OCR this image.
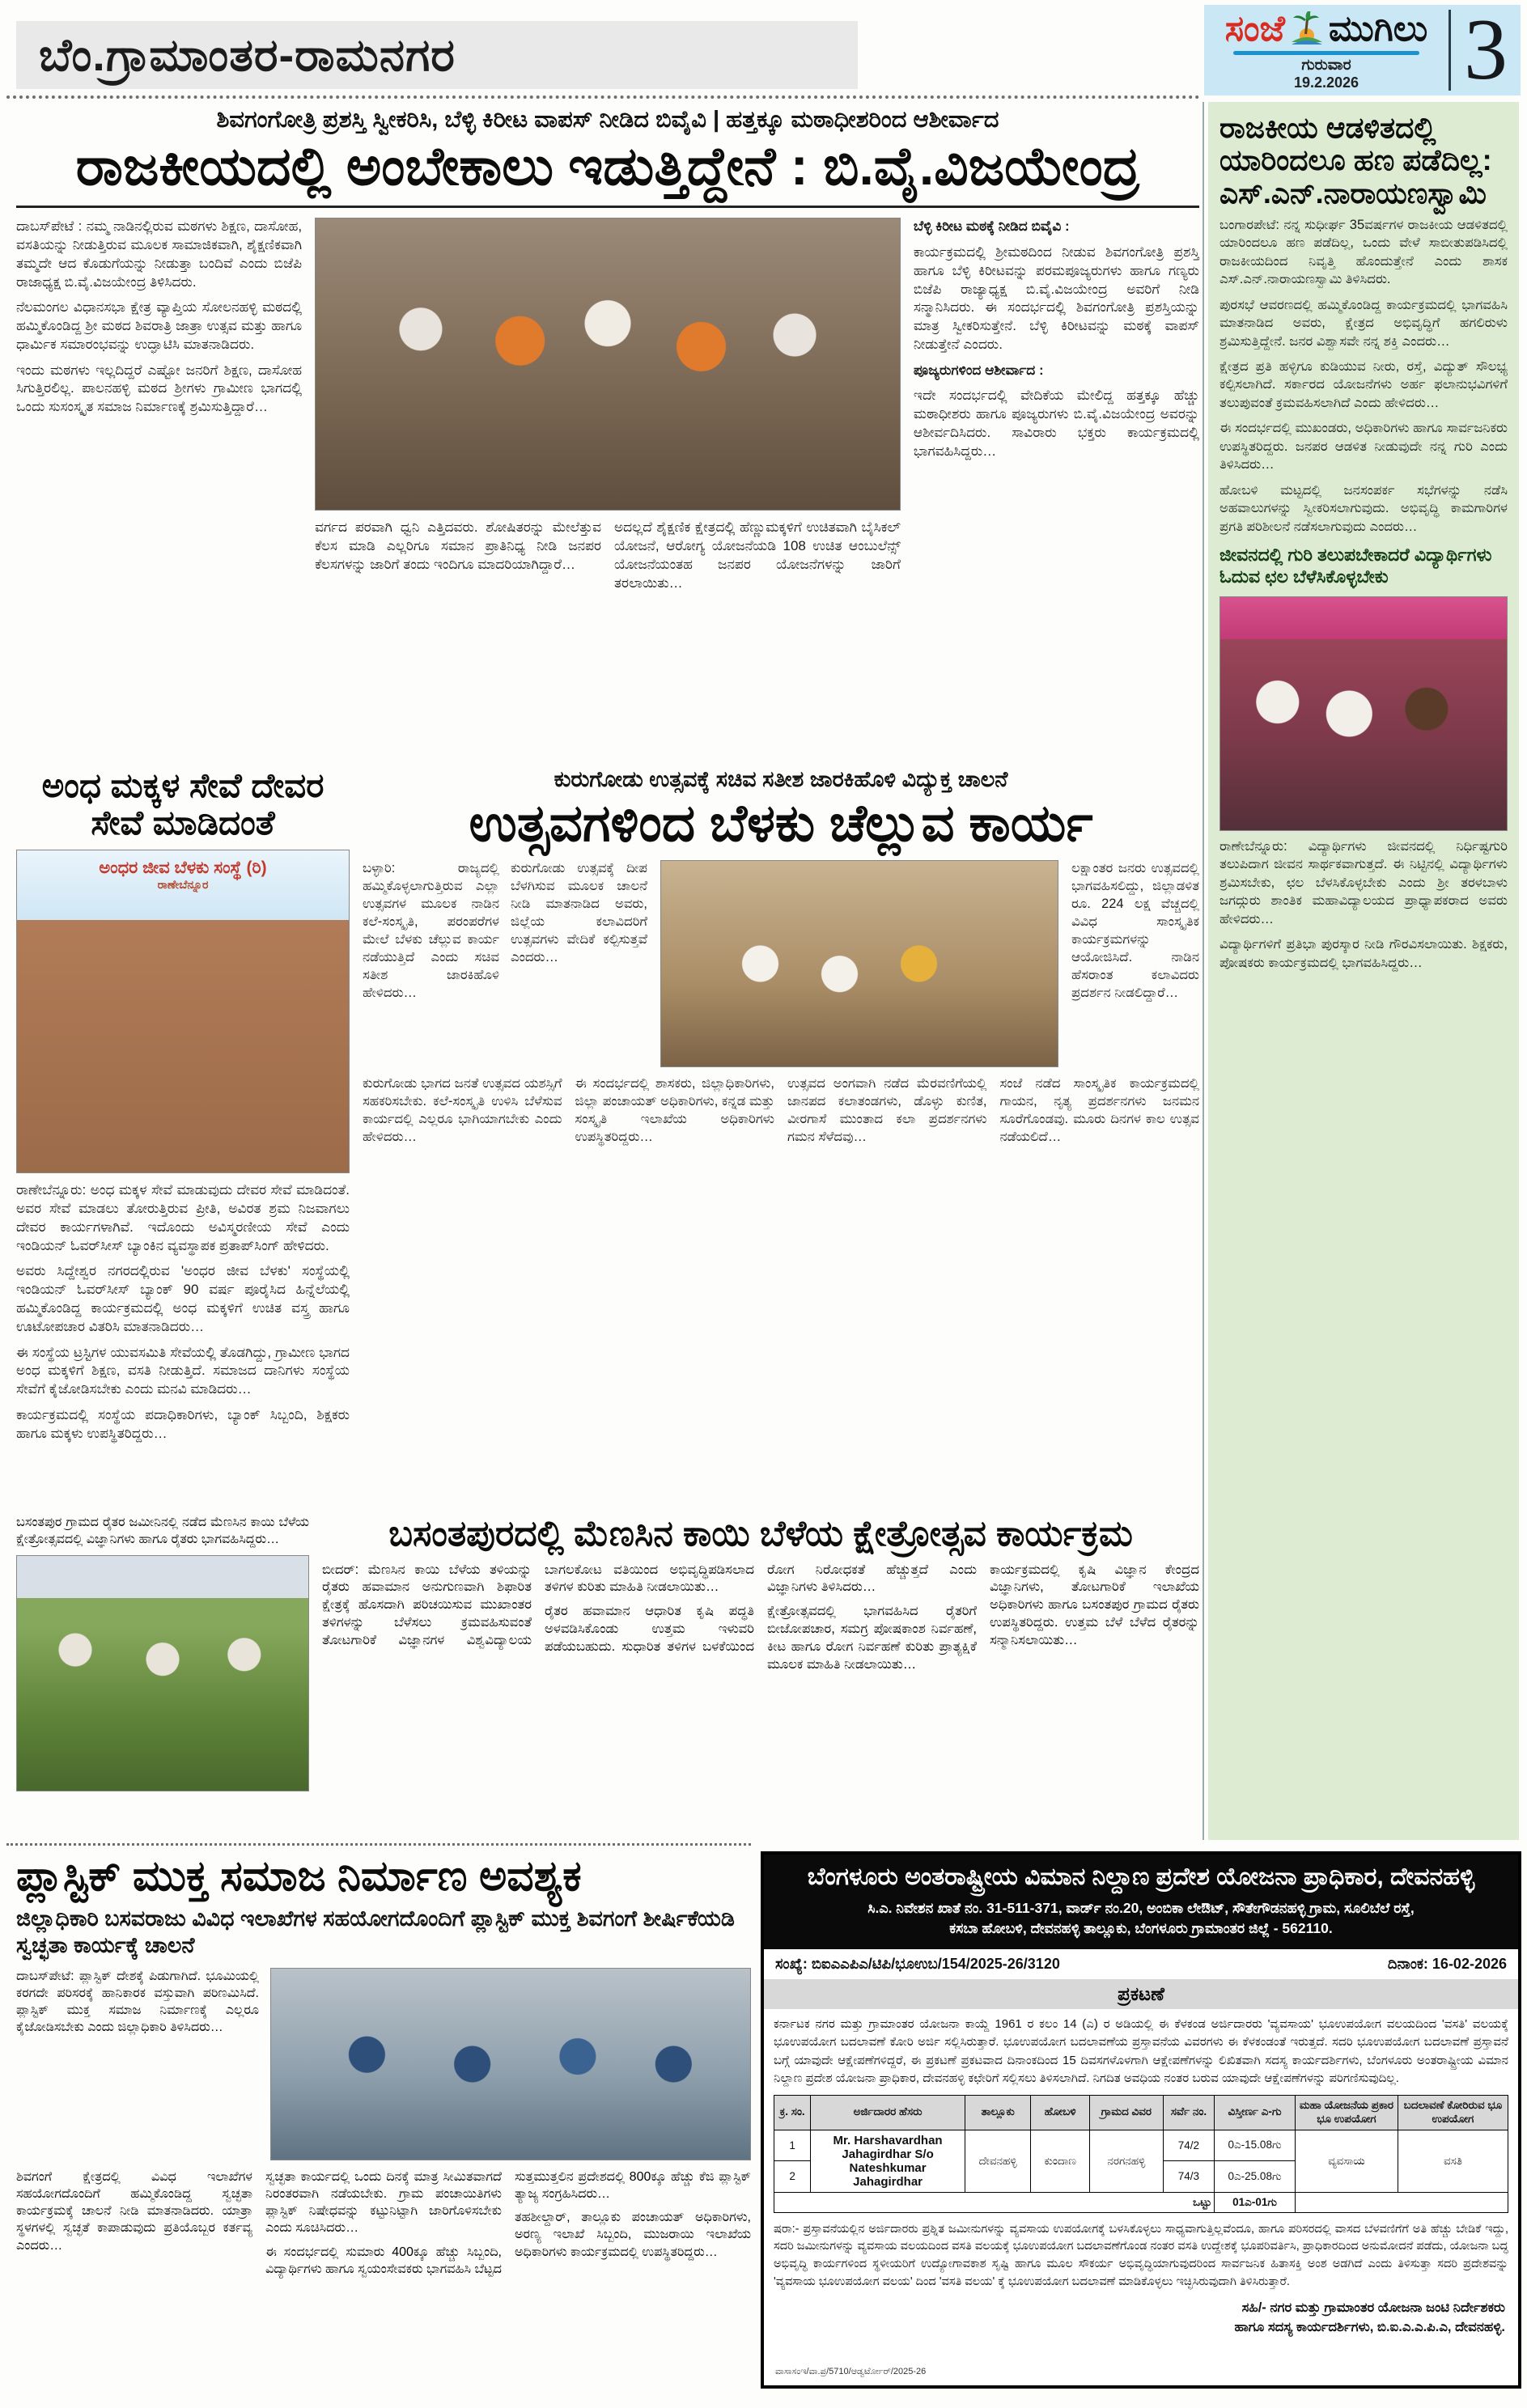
ಬೆಂ.ಗ್ರಾಮಾಂತರ-ರಾಮನಗರ	ಸಂಜೆ ಮುಗಿಲು
ಗುರುವಾರ
19.2.2026 3
ಶಿವಗಂಗೋತ್ರಿ ಪ್ರಶಸ್ತಿ ಸ್ವೀಕರಿಸಿ, ಬೆಳ್ಳಿ ಕಿರೀಟ ವಾಪಸ್ ನೀಡಿದ ಬಿವೈವಿ | ಹತ್ತಕ್ಕೂ ಮಠಾಧೀಶರಿಂದ ಆಶೀರ್ವಾದ
ರಾಜಕೀಯದಲ್ಲಿ ಅಂಬೇಕಾಲು ಇಡುತ್ತಿದ್ದೇನೆ : ಬಿ.ವೈ.ವಿಜಯೇಂದ್ರ

ದಾಬಸ್‌ಪೇಟೆ : ನಮ್ಮ ನಾಡಿನಲ್ಲಿರುವ ಮಠಗಳು ಶಿಕ್ಷಣ, ದಾಸೋಹ, ವಸತಿಯನ್ನು ನೀಡುತ್ತಿರುವ ಮೂಲಕ ಸಾಮಾಜಿಕವಾಗಿ, ಶೈಕ್ಷಣಿಕವಾಗಿ ತಮ್ಮದೇ ಆದ ಕೊಡುಗೆಯನ್ನು ನೀಡುತ್ತಾ ಬಂದಿವೆ ಎಂದು ಬಿಜೆಪಿ ರಾಜಾಧ್ಯಕ್ಷ ಬಿ.ವೈ.ವಿಜಯೇಂದ್ರ ತಿಳಿಸಿದರು.

ನೆಲಮಂಗಲ ವಿಧಾನಸಭಾ ಕ್ಷೇತ್ರ ವ್ಯಾಪ್ತಿಯ ಸೋಲನಹಳ್ಳಿ ಮಠದಲ್ಲಿ ಹಮ್ಮಿಕೊಂಡಿದ್ದ ಶ್ರೀ ಮಠದ ಶಿವರಾತ್ರಿ ಜಾತ್ರಾ ಉತ್ಸವ ಮತ್ತು ಹಾಗೂ ಧಾರ್ಮಿಕ ಸಮಾರಂಭವನ್ನು ಉದ್ಘಾಟಿಸಿ ಮಾತನಾಡಿದರು.

ಇಂದು ಮಠಗಳು ಇಲ್ಲದಿದ್ದರೆ ಎಷ್ಟೋ ಜನರಿಗೆ ಶಿಕ್ಷಣ, ದಾಸೋಹ ಸಿಗುತ್ತಿರಲಿಲ್ಲ. ಪಾಲನಹಳ್ಳಿ ಮಠದ ಶ್ರೀಗಳು ಗ್ರಾಮೀಣ ಭಾಗದಲ್ಲಿ ಒಂದು ಸುಸಂಸ್ಕೃತ ಸಮಾಜ ನಿರ್ಮಾಣಕ್ಕೆ ಶ್ರಮಿಸುತ್ತಿದ್ದಾರೆ…

ವರ್ಗದ ಪರವಾಗಿ ಧ್ವನಿ ಎತ್ತಿದವರು. ಶೋಷಿತರನ್ನು ಮೇಲೆತ್ತುವ ಕೆಲಸ ಮಾಡಿ ಎಲ್ಲರಿಗೂ ಸಮಾನ ಪ್ರಾತಿನಿಧ್ಯ ನೀಡಿ ಜನಪರ ಕೆಲಸಗಳನ್ನು ಜಾರಿಗೆ ತಂದು ಇಂದಿಗೂ ಮಾದರಿಯಾಗಿದ್ದಾರೆ…

ಅದಲ್ಲದೆ ಶೈಕ್ಷಣಿಕ ಕ್ಷೇತ್ರದಲ್ಲಿ ಹೆಣ್ಣುಮಕ್ಕಳಿಗೆ ಉಚಿತವಾಗಿ ಬೈಸಿಕಲ್ ಯೋಜನೆ, ಆರೋಗ್ಯ ಯೋಜನೆಯಡಿ 108 ಉಚಿತ ಆಂಬುಲೆನ್ಸ್ ಯೋಜನೆಯಂತಹ ಜನಪರ ಯೋಜನೆಗಳನ್ನು ಜಾರಿಗೆ ತರಲಾಯಿತು…

ಬೆಳ್ಳಿ ಕಿರೀಟ ಮಠಕ್ಕೆ ನೀಡಿದ ಬಿವೈವಿ :

ಕಾರ್ಯಕ್ರಮದಲ್ಲಿ ಶ್ರೀಮಠದಿಂದ ನೀಡುವ ಶಿವಗಂಗೋತ್ರಿ ಪ್ರಶಸ್ತಿ ಹಾಗೂ ಬೆಳ್ಳಿ ಕಿರೀಟವನ್ನು ಪರಮಪೂಜ್ಯರುಗಳು ಹಾಗೂ ಗಣ್ಯರು ಬಿಜೆಪಿ ರಾಜ್ಯಾಧ್ಯಕ್ಷ ಬಿ.ವೈ.ವಿಜಯೇಂದ್ರ ಅವರಿಗೆ ನೀಡಿ ಸನ್ಮಾನಿಸಿದರು. ಈ ಸಂದರ್ಭದಲ್ಲಿ ಶಿವಗಂಗೋತ್ರಿ ಪ್ರಶಸ್ತಿಯನ್ನು ಮಾತ್ರ ಸ್ವೀಕರಿಸುತ್ತೇನೆ. ಬೆಳ್ಳಿ ಕಿರೀಟವನ್ನು ಮಠಕ್ಕೆ ವಾಪಸ್ ನೀಡುತ್ತೇನೆ ಎಂದರು.

ಪೂಜ್ಯರುಗಳಿಂದ ಆಶೀರ್ವಾದ :

ಇದೇ ಸಂದರ್ಭದಲ್ಲಿ ವೇದಿಕೆಯ ಮೇಲಿದ್ದ ಹತ್ತಕ್ಕೂ ಹೆಚ್ಚು ಮಠಾಧೀಶರು ಹಾಗೂ ಪೂಜ್ಯರುಗಳು ಬಿ.ವೈ.ವಿಜಯೇಂದ್ರ ಅವರನ್ನು ಆಶೀರ್ವದಿಸಿದರು. ಸಾವಿರಾರು ಭಕ್ತರು ಕಾರ್ಯಕ್ರಮದಲ್ಲಿ ಭಾಗವಹಿಸಿದ್ದರು…

ರಾಜಕೀಯ ಆಡಳಿತದಲ್ಲಿ ಯಾರಿಂದಲೂ ಹಣ ಪಡೆದಿಲ್ಲ: ಎಸ್.ಎನ್.ನಾರಾಯಣಸ್ವಾಮಿ

ಬಂಗಾರಪೇಟೆ: ನನ್ನ ಸುಧೀರ್ಘ 35ವರ್ಷಗಳ ರಾಜಕೀಯ ಆಡಳಿತದಲ್ಲಿ ಯಾರಿಂದಲೂ ಹಣ ಪಡೆದಿಲ್ಲ, ಒಂದು ವೇಳೆ ಸಾಬೀತುಪಡಿಸಿದಲ್ಲಿ ರಾಜಕೀಯದಿಂದ ನಿವೃತ್ತಿ ಹೊಂದುತ್ತೇನೆ ಎಂದು ಶಾಸಕ ಎಸ್.ಎನ್.ನಾರಾಯಣಸ್ವಾಮಿ ತಿಳಿಸಿದರು.

ಪುರಸಭೆ ಆವರಣದಲ್ಲಿ ಹಮ್ಮಿಕೊಂಡಿದ್ದ ಕಾರ್ಯಕ್ರಮದಲ್ಲಿ ಭಾಗವಹಿಸಿ ಮಾತನಾಡಿದ ಅವರು, ಕ್ಷೇತ್ರದ ಅಭಿವೃದ್ಧಿಗೆ ಹಗಲಿರುಳು ಶ್ರಮಿಸುತ್ತಿದ್ದೇನೆ. ಜನರ ವಿಶ್ವಾಸವೇ ನನ್ನ ಶಕ್ತಿ ಎಂದರು…

ಕ್ಷೇತ್ರದ ಪ್ರತಿ ಹಳ್ಳಿಗೂ ಕುಡಿಯುವ ನೀರು, ರಸ್ತೆ, ವಿದ್ಯುತ್ ಸೌಲಭ್ಯ ಕಲ್ಪಿಸಲಾಗಿದೆ. ಸರ್ಕಾರದ ಯೋಜನೆಗಳು ಅರ್ಹ ಫಲಾನುಭವಿಗಳಿಗೆ ತಲುಪುವಂತೆ ಕ್ರಮವಹಿಸಲಾಗಿದೆ ಎಂದು ಹೇಳಿದರು…

ಈ ಸಂದರ್ಭದಲ್ಲಿ ಮುಖಂಡರು, ಅಧಿಕಾರಿಗಳು ಹಾಗೂ ಸಾರ್ವಜನಿಕರು ಉಪಸ್ಥಿತರಿದ್ದರು. ಜನಪರ ಆಡಳಿತ ನೀಡುವುದೇ ನನ್ನ ಗುರಿ ಎಂದು ತಿಳಿಸಿದರು…

ಹೋಬಳಿ ಮಟ್ಟದಲ್ಲಿ ಜನಸಂಪರ್ಕ ಸಭೆಗಳನ್ನು ನಡೆಸಿ ಅಹವಾಲುಗಳನ್ನು ಸ್ವೀಕರಿಸಲಾಗುವುದು. ಅಭಿವೃದ್ಧಿ ಕಾಮಗಾರಿಗಳ ಪ್ರಗತಿ ಪರಿಶೀಲನೆ ನಡೆಸಲಾಗುವುದು ಎಂದರು…

ಜೀವನದಲ್ಲಿ ಗುರಿ ತಲುಪಬೇಕಾದರೆ ವಿದ್ಯಾರ್ಥಿಗಳು ಓದುವ ಛಲ ಬೆಳೆಸಿಕೊಳ್ಳಬೇಕು

ರಾಣೇಬೆನ್ನೂರು: ವಿದ್ಯಾರ್ಥಿಗಳು ಜೀವನದಲ್ಲಿ ನಿರ್ಧಿಷ್ಟಗುರಿ ತಲುಪಿದಾಗ ಜೀವನ ಸಾರ್ಥಕವಾಗುತ್ತದೆ. ಈ ನಿಟ್ಟಿನಲ್ಲಿ ವಿದ್ಯಾರ್ಥಿಗಳು ಶ್ರಮಿಸಬೇಕು, ಛಲ ಬೆಳಸಿಕೊಳ್ಳಬೇಕು ಎಂದು ಶ್ರೀ ತರಳಬಾಳು ಜಗದ್ಗುರು ಶಾಂತಿಕ ಮಹಾವಿದ್ಯಾಲಯದ ಪ್ರಾಧ್ಯಾಪಕರಾದ ಅವರು ಹೇಳಿದರು…

ವಿದ್ಯಾರ್ಥಿಗಳಿಗೆ ಪ್ರತಿಭಾ ಪುರಸ್ಕಾರ ನೀಡಿ ಗೌರವಿಸಲಾಯಿತು. ಶಿಕ್ಷಕರು, ಪೋಷಕರು ಕಾರ್ಯಕ್ರಮದಲ್ಲಿ ಭಾಗವಹಿಸಿದ್ದರು…

ಅಂಧ ಮಕ್ಕಳ ಸೇವೆ ದೇವರ ಸೇವೆ ಮಾಡಿದಂತೆ
ಅಂಧರ ಜೀವ ಬೆಳಕು ಸಂಸ್ಥೆ (ರಿ)
ರಾಣೇಬೆನ್ನೂರ

ರಾಣೇಬೆನ್ನೂರು: ಅಂಧ ಮಕ್ಕಳ ಸೇವೆ ಮಾಡುವುದು ದೇವರ ಸೇವೆ ಮಾಡಿದಂತೆ. ಅವರ ಸೇವೆ ಮಾಡಲು ತೋರುತ್ತಿರುವ ಪ್ರೀತಿ, ಅವಿರತ ಶ್ರಮ ನಿಜವಾಗಲು ದೇವರ ಕಾರ್ಯಗಳಾಗಿವೆ. ಇದೊಂದು ಅವಿಸ್ಮರಣೀಯ ಸೇವೆ ಎಂದು ಇಂಡಿಯನ್ ಓವರ್‌ಸೀಸ್ ಬ್ಯಾಂಕಿನ ವ್ಯವಸ್ಥಾಪಕ ಪ್ರತಾಪ್‌ಸಿಂಗ್ ಹೇಳಿದರು.

ಅವರು ಸಿದ್ದೇಶ್ವರ ನಗರದಲ್ಲಿರುವ 'ಅಂಧರ ಜೀವ ಬೆಳಕು' ಸಂಸ್ಥೆಯಲ್ಲಿ ಇಂಡಿಯನ್ ಓವರ್‌ಸೀಸ್ ಬ್ಯಾಂಕ್ 90 ವರ್ಷ ಪೂರೈಸಿದ ಹಿನ್ನೆಲೆಯಲ್ಲಿ ಹಮ್ಮಿಕೊಂಡಿದ್ದ ಕಾರ್ಯಕ್ರಮದಲ್ಲಿ ಅಂಧ ಮಕ್ಕಳಿಗೆ ಉಚಿತ ವಸ್ತ್ರ ಹಾಗೂ ಊಟೋಪಚಾರ ವಿತರಿಸಿ ಮಾತನಾಡಿದರು…

ಈ ಸಂಸ್ಥೆಯ ಟ್ರಸ್ಟಿಗಳ ಯುವಸಮಿತಿ ಸೇವೆಯಲ್ಲಿ ತೊಡಗಿದ್ದು, ಗ್ರಾಮೀಣ ಭಾಗದ ಅಂಧ ಮಕ್ಕಳಿಗೆ ಶಿಕ್ಷಣ, ವಸತಿ ನೀಡುತ್ತಿದೆ. ಸಮಾಜದ ದಾನಿಗಳು ಸಂಸ್ಥೆಯ ಸೇವೆಗೆ ಕೈಜೋಡಿಸಬೇಕು ಎಂದು ಮನವಿ ಮಾಡಿದರು…

ಕಾರ್ಯಕ್ರಮದಲ್ಲಿ ಸಂಸ್ಥೆಯ ಪದಾಧಿಕಾರಿಗಳು, ಬ್ಯಾಂಕ್ ಸಿಬ್ಬಂದಿ, ಶಿಕ್ಷಕರು ಹಾಗೂ ಮಕ್ಕಳು ಉಪಸ್ಥಿತರಿದ್ದರು…

ಕುರುಗೋಡು ಉತ್ಸವಕ್ಕೆ ಸಚಿವ ಸತೀಶ ಜಾರಕಿಹೊಳಿ ವಿದ್ಯುಕ್ತ ಚಾಲನೆ
ಉತ್ಸವಗಳಿಂದ ಬೆಳಕು ಚೆಲ್ಲುವ ಕಾರ್ಯ

ಬಳ್ಳಾರಿ: ರಾಜ್ಯದಲ್ಲಿ ಹಮ್ಮಿಕೊಳ್ಳಲಾಗುತ್ತಿರುವ ಎಲ್ಲಾ ಉತ್ಸವಗಳ ಮೂಲಕ ನಾಡಿನ ಕಲೆ-ಸಂಸ್ಕೃತಿ, ಪರಂಪರೆಗಳ ಮೇಲೆ ಬೆಳಕು ಚೆಲ್ಲುವ ಕಾರ್ಯ ನಡೆಯುತ್ತಿದೆ ಎಂದು ಸಚಿವ ಸತೀಶ ಜಾರಕಿಹೊಳಿ ಹೇಳಿದರು…

ಕುರುಗೋಡು ಉತ್ಸವಕ್ಕೆ ದೀಪ ಬೆಳಗಿಸುವ ಮೂಲಕ ಚಾಲನೆ ನೀಡಿ ಮಾತನಾಡಿದ ಅವರು, ಜಿಲ್ಲೆಯ ಕಲಾವಿದರಿಗೆ ಉತ್ಸವಗಳು ವೇದಿಕೆ ಕಲ್ಪಿಸುತ್ತವೆ ಎಂದರು…

ಲಕ್ಷಾಂತರ ಜನರು ಉತ್ಸವದಲ್ಲಿ ಭಾಗವಹಿಸಲಿದ್ದು, ಜಿಲ್ಲಾಡಳಿತ ರೂ. 224 ಲಕ್ಷ ವೆಚ್ಚದಲ್ಲಿ ವಿವಿಧ ಸಾಂಸ್ಕೃತಿಕ ಕಾರ್ಯಕ್ರಮಗಳನ್ನು ಆಯೋಜಿಸಿದೆ. ನಾಡಿನ ಹೆಸರಾಂತ ಕಲಾವಿದರು ಪ್ರದರ್ಶನ ನೀಡಲಿದ್ದಾರೆ…

ಕುರುಗೋಡು ಭಾಗದ ಜನತೆ ಉತ್ಸವದ ಯಶಸ್ಸಿಗೆ ಸಹಕರಿಸಬೇಕು. ಕಲೆ-ಸಂಸ್ಕೃತಿ ಉಳಿಸಿ ಬೆಳೆಸುವ ಕಾರ್ಯದಲ್ಲಿ ಎಲ್ಲರೂ ಭಾಗಿಯಾಗಬೇಕು ಎಂದು ಹೇಳಿದರು…

ಈ ಸಂದರ್ಭದಲ್ಲಿ ಶಾಸಕರು, ಜಿಲ್ಲಾಧಿಕಾರಿಗಳು, ಜಿಲ್ಲಾ ಪಂಚಾಯತ್ ಅಧಿಕಾರಿಗಳು, ಕನ್ನಡ ಮತ್ತು ಸಂಸ್ಕೃತಿ ಇಲಾಖೆಯ ಅಧಿಕಾರಿಗಳು ಉಪಸ್ಥಿತರಿದ್ದರು…

ಉತ್ಸವದ ಅಂಗವಾಗಿ ನಡೆದ ಮೆರವಣಿಗೆಯಲ್ಲಿ ಜಾನಪದ ಕಲಾತಂಡಗಳು, ಡೊಳ್ಳು ಕುಣಿತ, ವೀರಗಾಸೆ ಮುಂತಾದ ಕಲಾ ಪ್ರದರ್ಶನಗಳು ಗಮನ ಸೆಳೆದವು…

ಸಂಜೆ ನಡೆದ ಸಾಂಸ್ಕೃತಿಕ ಕಾರ್ಯಕ್ರಮದಲ್ಲಿ ಗಾಯನ, ನೃತ್ಯ ಪ್ರದರ್ಶನಗಳು ಜನಮನ ಸೂರೆಗೊಂಡವು. ಮೂರು ದಿನಗಳ ಕಾಲ ಉತ್ಸವ ನಡೆಯಲಿದೆ…

ಬಸಂತಪುರ ಗ್ರಾಮದ ರೈತರ ಜಮೀನಿನಲ್ಲಿ ನಡೆದ ಮೆಣಸಿನ ಕಾಯಿ ಬೆಳೆಯ ಕ್ಷೇತ್ರೋತ್ಸವದಲ್ಲಿ ವಿಜ್ಞಾನಿಗಳು ಹಾಗೂ ರೈತರು ಭಾಗವಹಿಸಿದ್ದರು…	ಬಸಂತಪುರದಲ್ಲಿ ಮೆಣಸಿನ ಕಾಯಿ ಬೆಳೆಯ ಕ್ಷೇತ್ರೋತ್ಸವ ಕಾರ್ಯಕ್ರಮ

ಬೀದರ್: ಮೆಣಸಿನ ಕಾಯಿ ಬೆಳೆಯ ತಳಿಯನ್ನು ರೈತರು ಹವಾಮಾನ ಅನುಗುಣವಾಗಿ ಶಿಫಾರಿತ ಕ್ಷೇತ್ರಕ್ಕೆ ಹೊಸದಾಗಿ ಪರಿಚಯಿಸುವ ಮುಖಾಂತರ ತಳಿಗಳನ್ನು ಬೆಳೆಸಲು ಕ್ರಮವಹಿಸುವಂತೆ ತೋಟಗಾರಿಕೆ ವಿಜ್ಞಾನಗಳ ವಿಶ್ವವಿದ್ಯಾಲಯ ಬಾಗಲಕೋಟ ವತಿಯಿಂದ ಅಭಿವೃದ್ಧಿಪಡಿಸಲಾದ ತಳಿಗಳ ಕುರಿತು ಮಾಹಿತಿ ನೀಡಲಾಯಿತು…

ರೈತರ ಹವಾಮಾನ ಆಧಾರಿತ ಕೃಷಿ ಪದ್ಧತಿ ಅಳವಡಿಸಿಕೊಂಡು ಉತ್ತಮ ಇಳುವರಿ ಪಡೆಯಬಹುದು. ಸುಧಾರಿತ ತಳಿಗಳ ಬಳಕೆಯಿಂದ ರೋಗ ನಿರೋಧಕತೆ ಹೆಚ್ಚುತ್ತದೆ ಎಂದು ವಿಜ್ಞಾನಿಗಳು ತಿಳಿಸಿದರು…

ಕ್ಷೇತ್ರೋತ್ಸವದಲ್ಲಿ ಭಾಗವಹಿಸಿದ ರೈತರಿಗೆ ಬೀಜೋಪಚಾರ, ಸಮಗ್ರ ಪೋಷಕಾಂಶ ನಿರ್ವಹಣೆ, ಕೀಟ ಹಾಗೂ ರೋಗ ನಿರ್ವಹಣೆ ಕುರಿತು ಪ್ರಾತ್ಯಕ್ಷಿಕೆ ಮೂಲಕ ಮಾಹಿತಿ ನೀಡಲಾಯಿತು…

ಕಾರ್ಯಕ್ರಮದಲ್ಲಿ ಕೃಷಿ ವಿಜ್ಞಾನ ಕೇಂದ್ರದ ವಿಜ್ಞಾನಿಗಳು, ತೋಟಗಾರಿಕೆ ಇಲಾಖೆಯ ಅಧಿಕಾರಿಗಳು ಹಾಗೂ ಬಸಂತಪುರ ಗ್ರಾಮದ ರೈತರು ಉಪಸ್ಥಿತರಿದ್ದರು. ಉತ್ತಮ ಬೆಳೆ ಬೆಳೆದ ರೈತರನ್ನು ಸನ್ಮಾನಿಸಲಾಯಿತು…

ಪ್ಲಾಸ್ಟಿಕ್ ಮುಕ್ತ ಸಮಾಜ ನಿರ್ಮಾಣ ಅವಶ್ಯಕ
ಜಿಲ್ಲಾಧಿಕಾರಿ ಬಸವರಾಜು ವಿವಿಧ ಇಲಾಖೆಗಳ ಸಹಯೋಗದೊಂದಿಗೆ ಪ್ಲಾಸ್ಟಿಕ್ ಮುಕ್ತ ಶಿವಗಂಗೆ ಶೀರ್ಷಿಕೆಯಡಿ ಸ್ವಚ್ಛತಾ ಕಾರ್ಯಕ್ಕೆ ಚಾಲನೆ

ದಾಬಸ್‌ಪೇಟೆ: ಪ್ಲಾಸ್ಟಿಕ್ ದೇಶಕ್ಕೆ ಪಿಡುಗಾಗಿದೆ. ಭೂಮಿಯಲ್ಲಿ ಕರಗದೇ ಪರಿಸರಕ್ಕೆ ಹಾನಿಕಾರಕ ವಸ್ತುವಾಗಿ ಪರಿಣಮಿಸಿದೆ. ಪ್ಲಾಸ್ಟಿಕ್ ಮುಕ್ತ ಸಮಾಜ ನಿರ್ಮಾಣಕ್ಕೆ ಎಲ್ಲರೂ ಕೈಜೋಡಿಸಬೇಕು ಎಂದು ಜಿಲ್ಲಾಧಿಕಾರಿ ತಿಳಿಸಿದರು…

ಶಿವಗಂಗೆ ಕ್ಷೇತ್ರದಲ್ಲಿ ವಿವಿಧ ಇಲಾಖೆಗಳ ಸಹಯೋಗದೊಂದಿಗೆ ಹಮ್ಮಿಕೊಂಡಿದ್ದ ಸ್ವಚ್ಛತಾ ಕಾರ್ಯಕ್ರಮಕ್ಕೆ ಚಾಲನೆ ನೀಡಿ ಮಾತನಾಡಿದರು. ಯಾತ್ರಾ ಸ್ಥಳಗಳಲ್ಲಿ ಸ್ವಚ್ಛತೆ ಕಾಪಾಡುವುದು ಪ್ರತಿಯೊಬ್ಬರ ಕರ್ತವ್ಯ ಎಂದರು…

ಸ್ವಚ್ಛತಾ ಕಾರ್ಯದಲ್ಲಿ ಒಂದು ದಿನಕ್ಕೆ ಮಾತ್ರ ಸೀಮಿತವಾಗದೆ ನಿರಂತರವಾಗಿ ನಡೆಯಬೇಕು. ಗ್ರಾಮ ಪಂಚಾಯಿತಿಗಳು ಪ್ಲಾಸ್ಟಿಕ್ ನಿಷೇಧವನ್ನು ಕಟ್ಟುನಿಟ್ಟಾಗಿ ಜಾರಿಗೊಳಿಸಬೇಕು ಎಂದು ಸೂಚಿಸಿದರು…

ಈ ಸಂದರ್ಭದಲ್ಲಿ ಸುಮಾರು 400ಕ್ಕೂ ಹೆಚ್ಚು ಸಿಬ್ಬಂದಿ, ವಿದ್ಯಾರ್ಥಿಗಳು ಹಾಗೂ ಸ್ವಯಂಸೇವಕರು ಭಾಗವಹಿಸಿ ಬೆಟ್ಟದ ಸುತ್ತಮುತ್ತಲಿನ ಪ್ರದೇಶದಲ್ಲಿ 800ಕ್ಕೂ ಹೆಚ್ಚು ಕೆಜಿ ಪ್ಲಾಸ್ಟಿಕ್ ತ್ಯಾಜ್ಯ ಸಂಗ್ರಹಿಸಿದರು…

ತಹಶೀಲ್ದಾರ್, ತಾಲ್ಲೂಕು ಪಂಚಾಯತ್ ಅಧಿಕಾರಿಗಳು, ಅರಣ್ಯ ಇಲಾಖೆ ಸಿಬ್ಬಂದಿ, ಮುಜರಾಯಿ ಇಲಾಖೆಯ ಅಧಿಕಾರಿಗಳು ಕಾರ್ಯಕ್ರಮದಲ್ಲಿ ಉಪಸ್ಥಿತರಿದ್ದರು…

ಬೆಂಗಳೂರು ಅಂತರಾಷ್ಟ್ರೀಯ ವಿಮಾನ ನಿಲ್ದಾಣ ಪ್ರದೇಶ ಯೋಜನಾ ಪ್ರಾಧಿಕಾರ, ದೇವನಹಳ್ಳಿ
ಸಿ.ಎ. ನಿವೇಶನ ಖಾತೆ ನಂ. 31-511-371, ವಾರ್ಡ್ ನಂ.20, ಅಂಬಿಕಾ ಲೇಔಟ್, ಸೌತೇಗೌಡನಹಳ್ಳಿ ಗ್ರಾಮ, ಸೂಲಿಬೆಲೆ ರಸ್ತೆ,
ಕಸಬಾ ಹೋಬಳಿ, ದೇವನಹಳ್ಳಿ ತಾಲ್ಲೂಕು, ಬೆಂಗಳೂರು ಗ್ರಾಮಾಂತರ ಜಿಲ್ಲೆ - 562110.
ಸಂಖ್ಯೆ: ಬಿಐಎಎಪಿಎ/ಟಿಪಿ/ಭೂಉಬ/154/2025-26/3120	ದಿನಾಂಕ: 16-02-2026
ಪ್ರಕಟಣೆ
ಕರ್ನಾಟಕ ನಗರ ಮತ್ತು ಗ್ರಾಮಾಂತರ ಯೋಜನಾ ಕಾಯ್ದೆ 1961 ರ ಕಲಂ 14 (ಎ) ರ ಅಡಿಯಲ್ಲಿ ಈ ಕೆಳಕಂಡ ಅರ್ಜಿದಾರರು 'ವ್ಯವಸಾಯ' ಭೂಉಪಯೋಗ ವಲಯದಿಂದ 'ವಸತಿ' ವಲಯಕ್ಕೆ ಭೂಉಪಯೋಗ ಬದಲಾವಣೆ ಕೋರಿ ಅರ್ಜಿ ಸಲ್ಲಿಸಿರುತ್ತಾರೆ. ಭೂಉಪಯೋಗ ಬದಲಾವಣೆಯ ಪ್ರಸ್ತಾವನೆಯ ವಿವರಗಳು ಈ ಕೆಳಕಂಡಂತೆ ಇರುತ್ತದೆ. ಸದರಿ ಭೂಉಪಯೋಗ ಬದಲಾವಣೆ ಪ್ರಸ್ತಾವನೆ ಬಗ್ಗೆ ಯಾವುದೇ ಆಕ್ಷೇಪಣೆಗಳಿದ್ದರೆ, ಈ ಪ್ರಕಟಣೆ ಪ್ರಕಟವಾದ ದಿನಾಂಕದಿಂದ 15 ದಿವಸಗಳೊಳಗಾಗಿ ಆಕ್ಷೇಪಣೆಗಳನ್ನು ಲಿಖಿತವಾಗಿ ಸದಸ್ಯ ಕಾರ್ಯದರ್ಶಿಗಳು, ಬೆಂಗಳೂರು ಅಂತರಾಷ್ಟ್ರೀಯ ವಿಮಾನ ನಿಲ್ದಾಣ ಪ್ರದೇಶ ಯೋಜನಾ ಪ್ರಾಧಿಕಾರ, ದೇವನಹಳ್ಳಿ ಕಛೇರಿಗೆ ಸಲ್ಲಿಸಲು ತಿಳಿಸಲಾಗಿದೆ. ನಿಗದಿತ ಅವಧಿಯ ನಂತರ ಬರುವ ಯಾವುದೇ ಆಕ್ಷೇಪಣೆಗಳನ್ನು ಪರಿಗಣಿಸುವುದಿಲ್ಲ.
ಕ್ರ. ಸಂ.	ಅರ್ಜಿದಾರರ ಹೆಸರು	ತಾಲ್ಲೂಕು	ಹೋಬಳಿ	ಗ್ರಾಮದ ವಿವರ	ಸರ್ವೆ ನಂ.	ವಿಸ್ತೀರ್ಣ ಎ-ಗು	ಮಹಾ ಯೋಜನೆಯ ಪ್ರಕಾರ ಭೂ ಉಪಯೋಗ	ಬದಲಾವಣೆ ಕೋರಿರುವ ಭೂ ಉಪಯೋಗ
1	Mr. Harshavardhan Jahagirdhar S/o Nateshkumar Jahagirdhar	ದೇವನಹಳ್ಳಿ	ಕುಂದಾಣ	ನರಗನಹಳ್ಳಿ	74/2	0ಎ-15.08ಗು	ವ್ಯವಸಾಯ	ವಸತಿ
2					74/3	0ಎ-25.08ಗು		
ಒಟ್ಟು						01ಎ-01ಗು		
ಷರಾ:- ಪ್ರಸ್ತಾವನೆಯಲ್ಲಿನ ಅರ್ಜಿದಾರರು ಪ್ರಶ್ನಿತ ಜಮೀನುಗಳನ್ನು ವ್ಯವಸಾಯ ಉಪಯೋಗಕ್ಕೆ ಬಳಸಿಕೊಳ್ಳಲು ಸಾಧ್ಯವಾಗುತ್ತಿಲ್ಲವೆಂದೂ, ಹಾಗೂ ಪರಿಸರದಲ್ಲಿ ವಾಸದ ಬೆಳವಣಿಗೆಗೆ ಅತಿ ಹೆಚ್ಚು ಬೇಡಿಕೆ ಇದ್ದು, ಸದರಿ ಜಮೀನುಗಳನ್ನು ವ್ಯವಸಾಯ ವಲಯದಿಂದ ವಸತಿ ವಲಯಕ್ಕೆ ಭೂಉಪಯೋಗ ಬದಲಾವಣೆಗೊಂಡ ನಂತರ ವಸತಿ ಉದ್ದೇಶಕ್ಕೆ ಭೂಪರಿವರ್ತಿಸಿ, ಪ್ರಾಧಿಕಾರದಿಂದ ಅನುಮೋದನೆ ಪಡೆದು, ಯೋಜನಾ ಬದ್ಧ ಅಭಿವೃದ್ಧಿ ಕಾರ್ಯಗಳಿಂದ ಸ್ಥಳೀಯರಿಗೆ ಉದ್ಯೋಗಾವಕಾಶ ಸೃಷ್ಟಿ ಹಾಗೂ ಮೂಲ ಸೌಕರ್ಯ ಅಭಿವೃದ್ಧಿಯಾಗುವುದರಿಂದ ಸಾರ್ವಜನಿಕ ಹಿತಾಸಕ್ತಿ ಅಂಶ ಅಡಗಿದೆ ಎಂದು ತಿಳಿಸುತ್ತಾ ಸದರಿ ಪ್ರದೇಶವನ್ನು 'ವ್ಯವಸಾಯ ಭೂಉಪಯೋಗ ವಲಯ' ದಿಂದ 'ವಸತಿ ವಲಯ' ಕ್ಕೆ ಭೂಉಪಯೋಗ ಬದಲಾವಣೆ ಮಾಡಿಕೊಳ್ಳಲು ಇಚ್ಛಿಸಿರುವುದಾಗಿ ತಿಳಿಸಿರುತ್ತಾರೆ.
ಸಹಿ/- ನಗರ ಮತ್ತು ಗ್ರಾಮಾಂತರ ಯೋಜನಾ ಜಂಟಿ ನಿರ್ದೇಶಕರು
ಹಾಗೂ ಸದಸ್ಯ ಕಾರ್ಯದರ್ಶಿಗಳು, ಬಿ.ಐ.ಎ.ಎ.ಪಿ.ಎ, ದೇವನಹಳ್ಳಿ.
ವಾಸಾಸಂಇ/ವಾ.ಪ್ರ/5710/ಆಡ್ವರ್ಟೋರ್/2025-26
